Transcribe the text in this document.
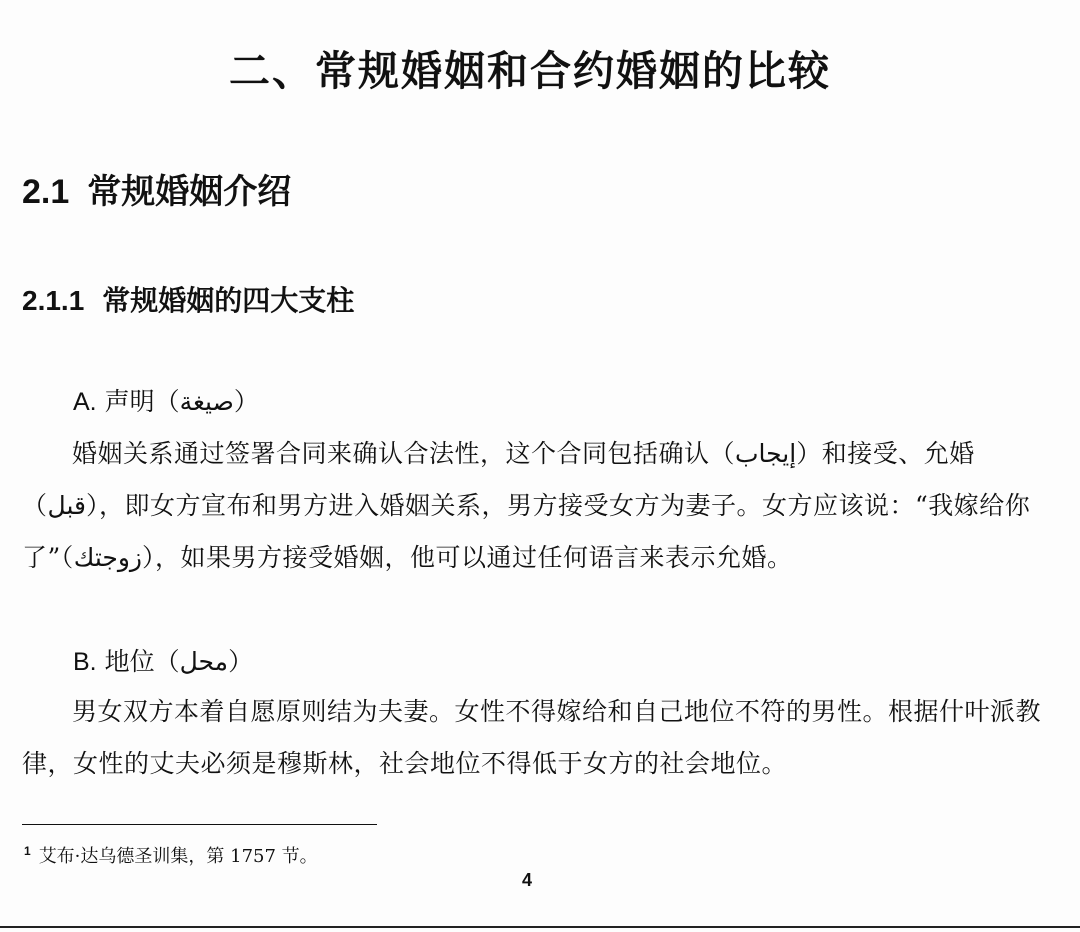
二、常规婚姻和合约婚姻的比较
2.1 常规婚姻介绍
2.1.1 常规婚姻的四大支柱
A. 声明（صيغة）

婚姻关系通过签署合同来确认合法性，这个合同包括确认（إيجاب）和接受、允婚（قبل），即女方宣布和男方进入婚姻关系，男方接受女方为妻子。女方应该说：“我嫁给你了”（زوجتك），如果男方接受婚姻，他可以通过任何语言来表示允婚。

B. 地位（محل）

男女双方本着自愿原则结为夫妻。女性不得嫁给和自己地位不符的男性。根据什叶派教律，女性的丈夫必须是穆斯林，社会地位不得低于女方的社会地位。

$^1$ 艾布·达乌德圣训集，第 1757 节。

4
